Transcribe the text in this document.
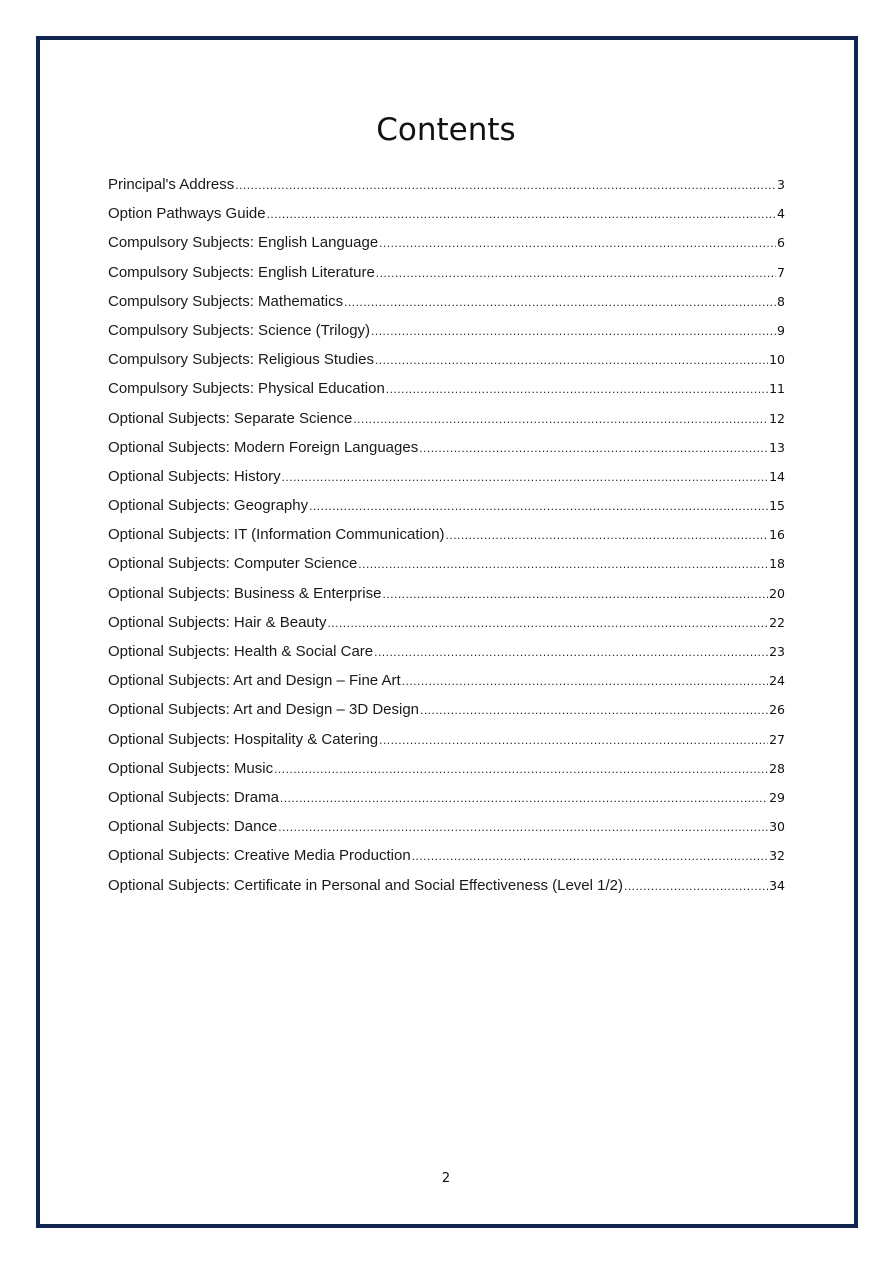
Contents
Principal's Address .....	3
Option Pathways Guide .....	4
Compulsory Subjects: English Language .....	6
Compulsory Subjects: English Literature .....	7
Compulsory Subjects: Mathematics .....	8
Compulsory Subjects: Science (Trilogy) .....	9
Compulsory Subjects: Religious Studies .....	10
Compulsory Subjects: Physical Education .....	11
Optional Subjects: Separate Science .....	12
Optional Subjects: Modern Foreign Languages .....	13
Optional Subjects: History .....	14
Optional Subjects: Geography .....	15
Optional Subjects: IT (Information Communication) .....	16
Optional Subjects: Computer Science .....	18
Optional Subjects: Business & Enterprise .....	20
Optional Subjects: Hair & Beauty .....	22
Optional Subjects: Health & Social Care .....	23
Optional Subjects: Art and Design – Fine Art .....	24
Optional Subjects: Art and Design – 3D Design .....	26
Optional Subjects: Hospitality & Catering .....	27
Optional Subjects: Music .....	28
Optional Subjects: Drama .....	29
Optional Subjects: Dance .....	30
Optional Subjects: Creative Media Production .....	32
Optional Subjects: Certificate in Personal and Social Effectiveness (Level 1/2) .....	34
2
